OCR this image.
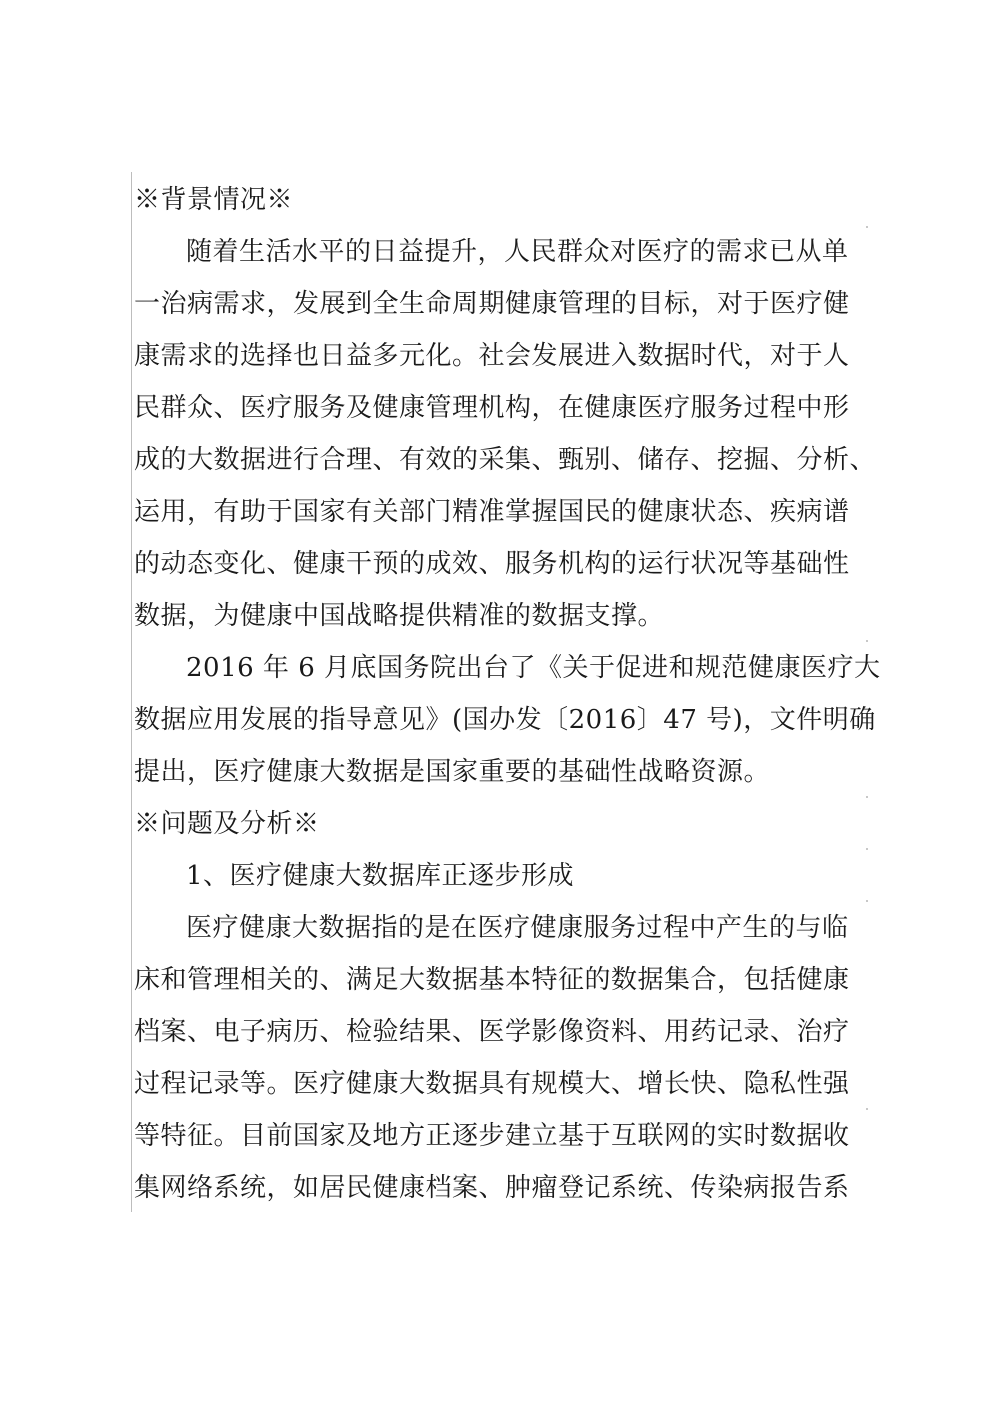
※背景情况※
随着生活水平的日益提升，人民群众对医疗的需求已从单
一治病需求，发展到全生命周期健康管理的目标，对于医疗健
康需求的选择也日益多元化。社会发展进入数据时代，对于人
民群众、医疗服务及健康管理机构，在健康医疗服务过程中形
成的大数据进行合理、有效的采集、甄别、储存、挖掘、分析、
运用，有助于国家有关部门精准掌握国民的健康状态、疾病谱
的动态变化、健康干预的成效、服务机构的运行状况等基础性
数据，为健康中国战略提供精准的数据支撑。
2016 年 6 月底国务院出台了《关于促进和规范健康医疗大
数据应用发展的指导意见》(国办发〔2016〕47 号)，文件明确
提出，医疗健康大数据是国家重要的基础性战略资源。
※问题及分析※
1、医疗健康大数据库正逐步形成
医疗健康大数据指的是在医疗健康服务过程中产生的与临
床和管理相关的、满足大数据基本特征的数据集合，包括健康
档案、电子病历、检验结果、医学影像资料、用药记录、治疗
过程记录等。医疗健康大数据具有规模大、增长快、隐私性强
等特征。目前国家及地方正逐步建立基于互联网的实时数据收
集网络系统，如居民健康档案、肿瘤登记系统、传染病报告系
